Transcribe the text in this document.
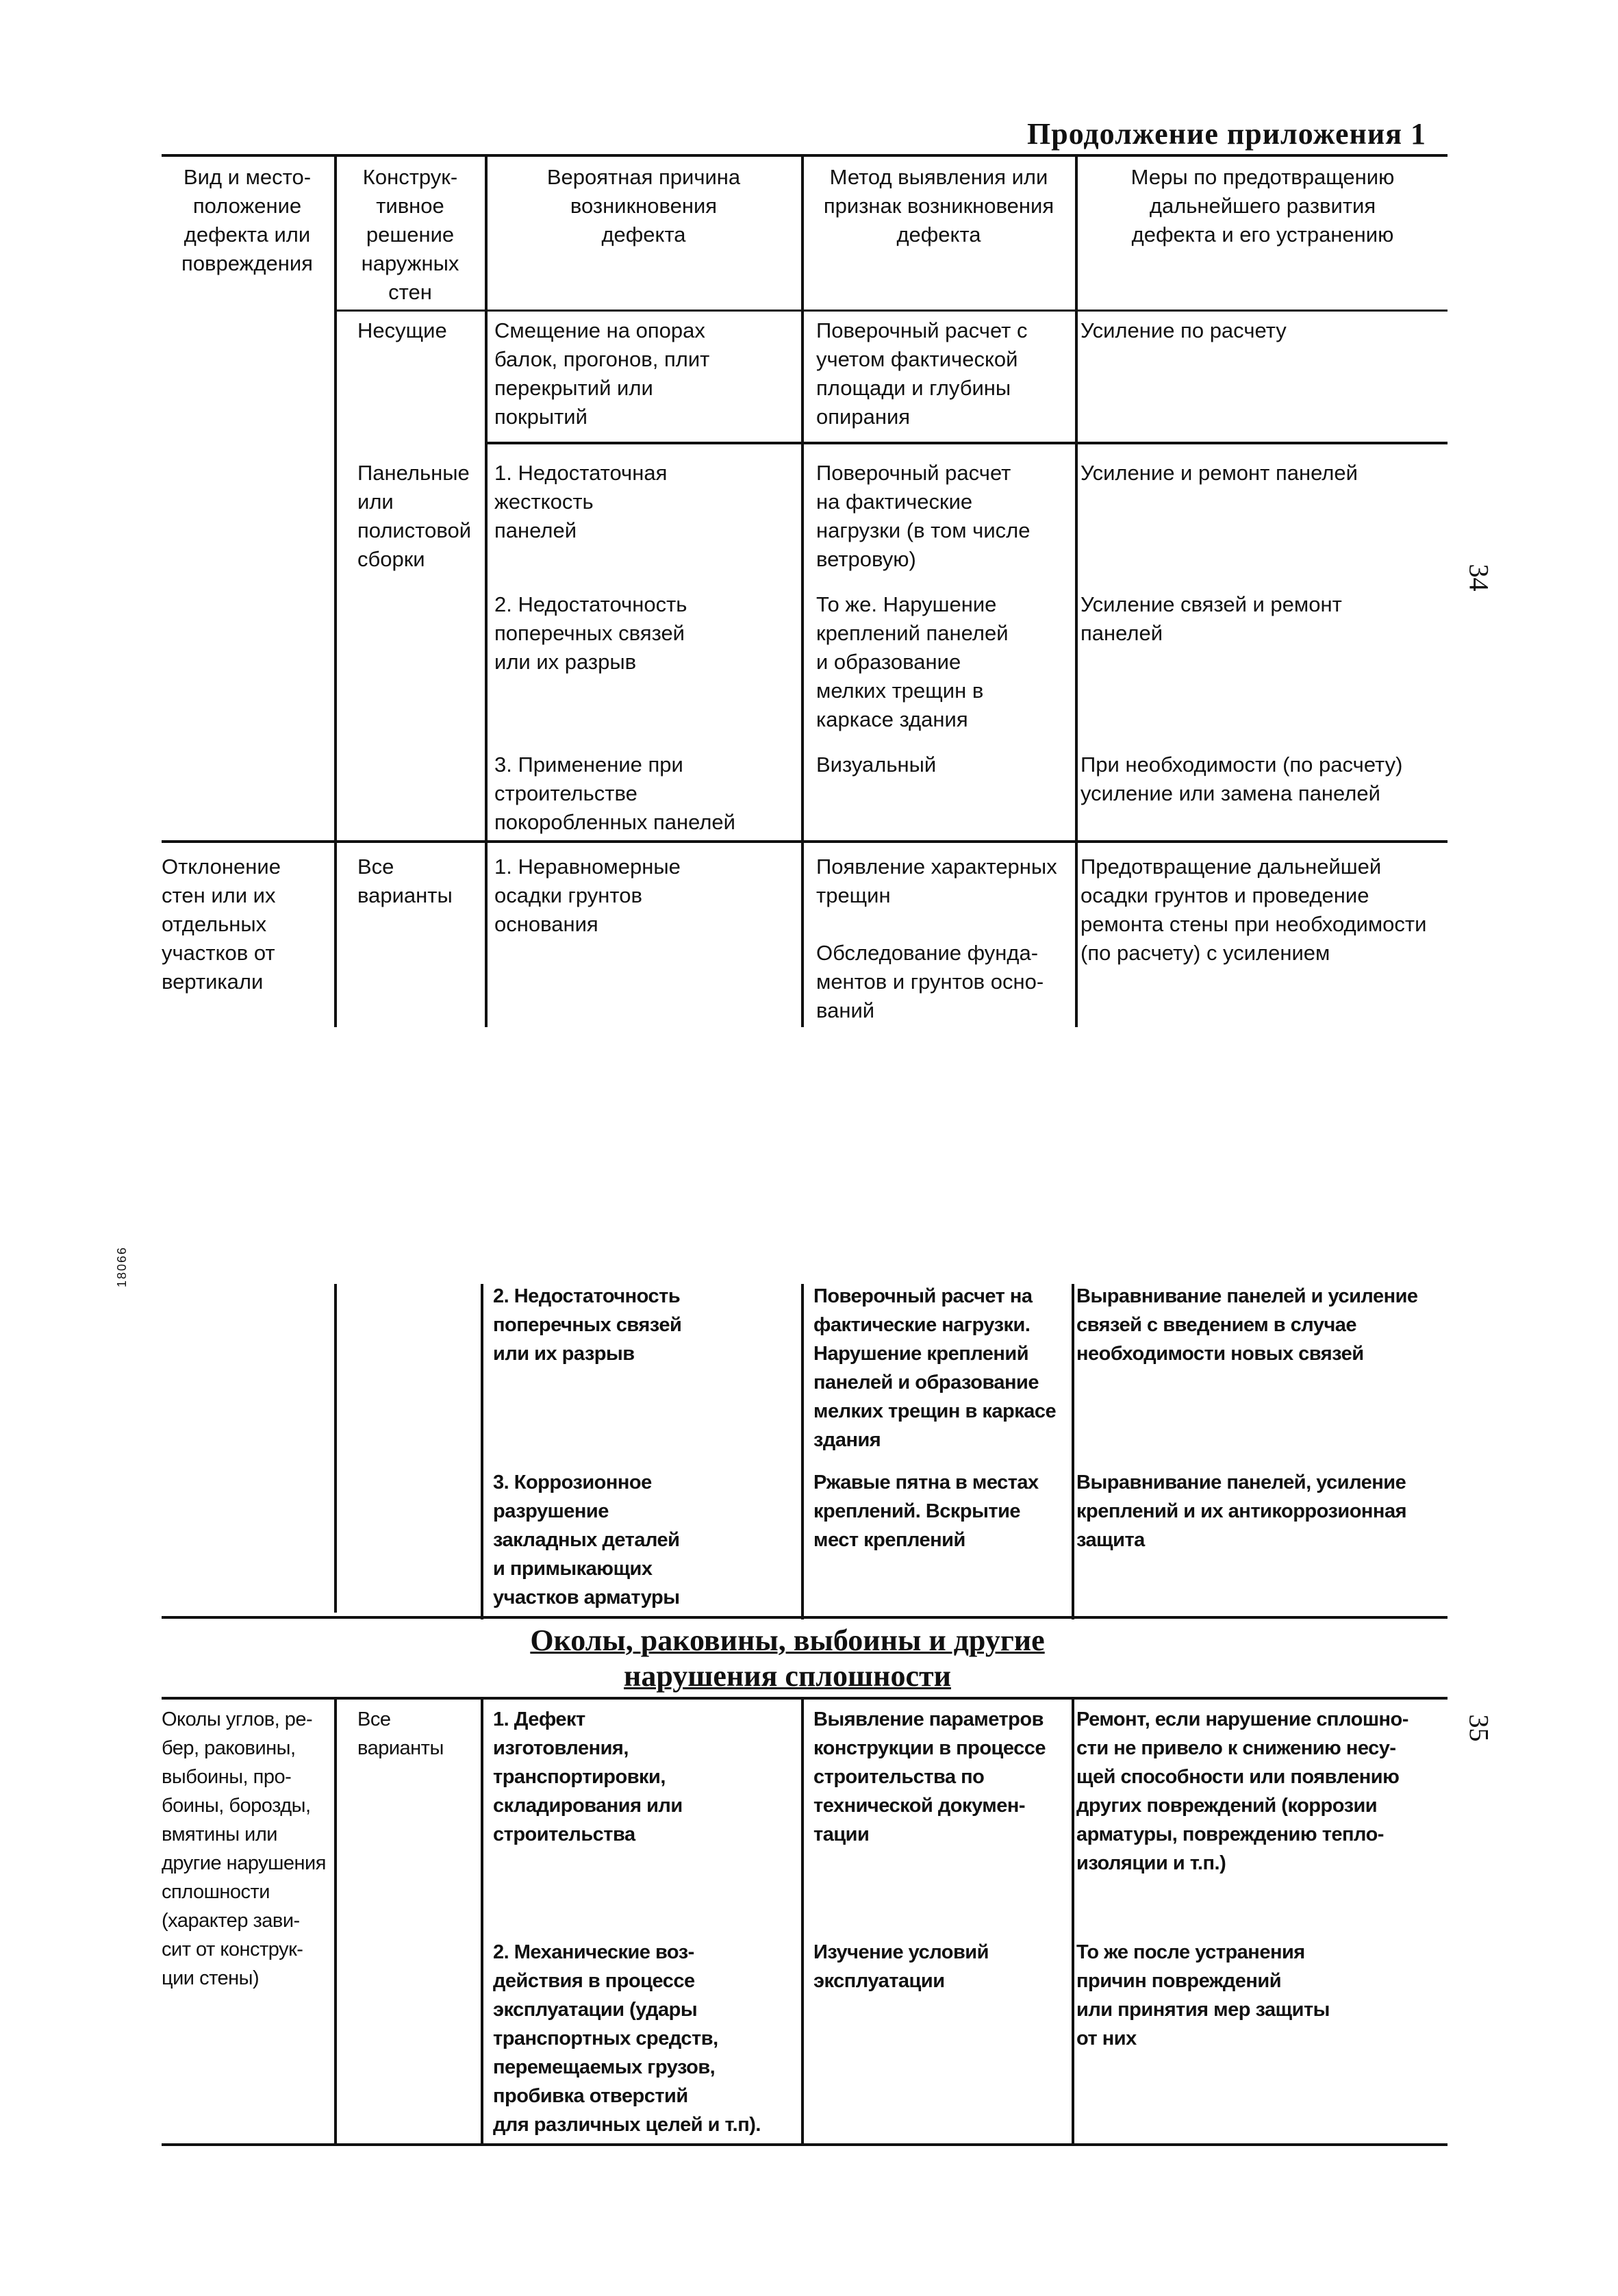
Продолжение приложения 1
Вид и место-
положение
дефекта или
повреждения
Конструк-
тивное
решение
наружных
стен
Вероятная причина
возникновения
дефекта
Метод выявления или
признак возникновения
дефекта
Меры по предотвращению
дальнейшего развития
дефекта и его устранению
Несущие	Смещение на опорах
балок, прогонов, плит
перекрытий или
покрытий
Поверочный расчет с
учетом фактической
площади и глубины
опирания
Усиление по расчету
Панельные
или
полистовой
сборки
1. Недостаточная
жесткость
панелей
Поверочный расчет
на фактические
нагрузки (в том числе
ветровую)
Усиление и ремонт панелей
2. Недостаточность
поперечных связей
или их разрыв
То же. Нарушение
креплений панелей
и образование
мелких трещин в
каркасе здания
Усиление связей и ремонт
панелей
3. Применение при
строительстве
покоробленных панелей
Визуальный	При необходимости (по расчету)
усиление или замена панелей
Отклонение
стен или их
отдельных
участков от
вертикали
Все
варианты
1. Неравномерные
осадки грунтов
основания
Появление характерных
трещин

Обследование фунда-
ментов и грунтов осно-
ваний
Предотвращение дальнейшей
осадки грунтов и проведение
ремонта стены при необходимости
(по расчету) с усилением
34
18066
2. Недостаточность
поперечных связей
или их разрыв
Поверочный расчет на
фактические нагрузки.
Нарушение креплений
панелей и образование
мелких трещин в каркасе
здания
Выравнивание панелей и усиление
связей с введением в случае
необходимости новых связей
3. Коррозионное
разрушение
закладных деталей
и примыкающих
участков арматуры
Ржавые пятна в местах
креплений. Вскрытие
мест креплений
Выравнивание панелей, усиление
креплений и их антикоррозионная
защита
Околы, раковины, выбоины и другие
нарушения сплошности
Околы углов, ре-
бер, раковины,
выбоины, про-
боины, борозды,
вмятины или
другие нарушения
сплошности
(характер зави-
сит от конструк-
ции стены)
Все
варианты
1. Дефект
изготовления,
транспортировки,
складирования или
строительства
Выявление параметров
конструкции в процессе
строительства по
технической докумен-
тации
Ремонт, если нарушение сплошно-
сти не привело к снижению несу-
щей способности или появлению
других повреждений (коррозии
арматуры, повреждению тепло-
изоляции и т.п.)
2. Механические воз-
действия в процессе
эксплуатации (удары
транспортных средств,
перемещаемых грузов,
пробивка отверстий
для различных целей и т.п).
Изучение условий
эксплуатации
То же после устранения
причин повреждений
или принятия мер защиты
от них
35
